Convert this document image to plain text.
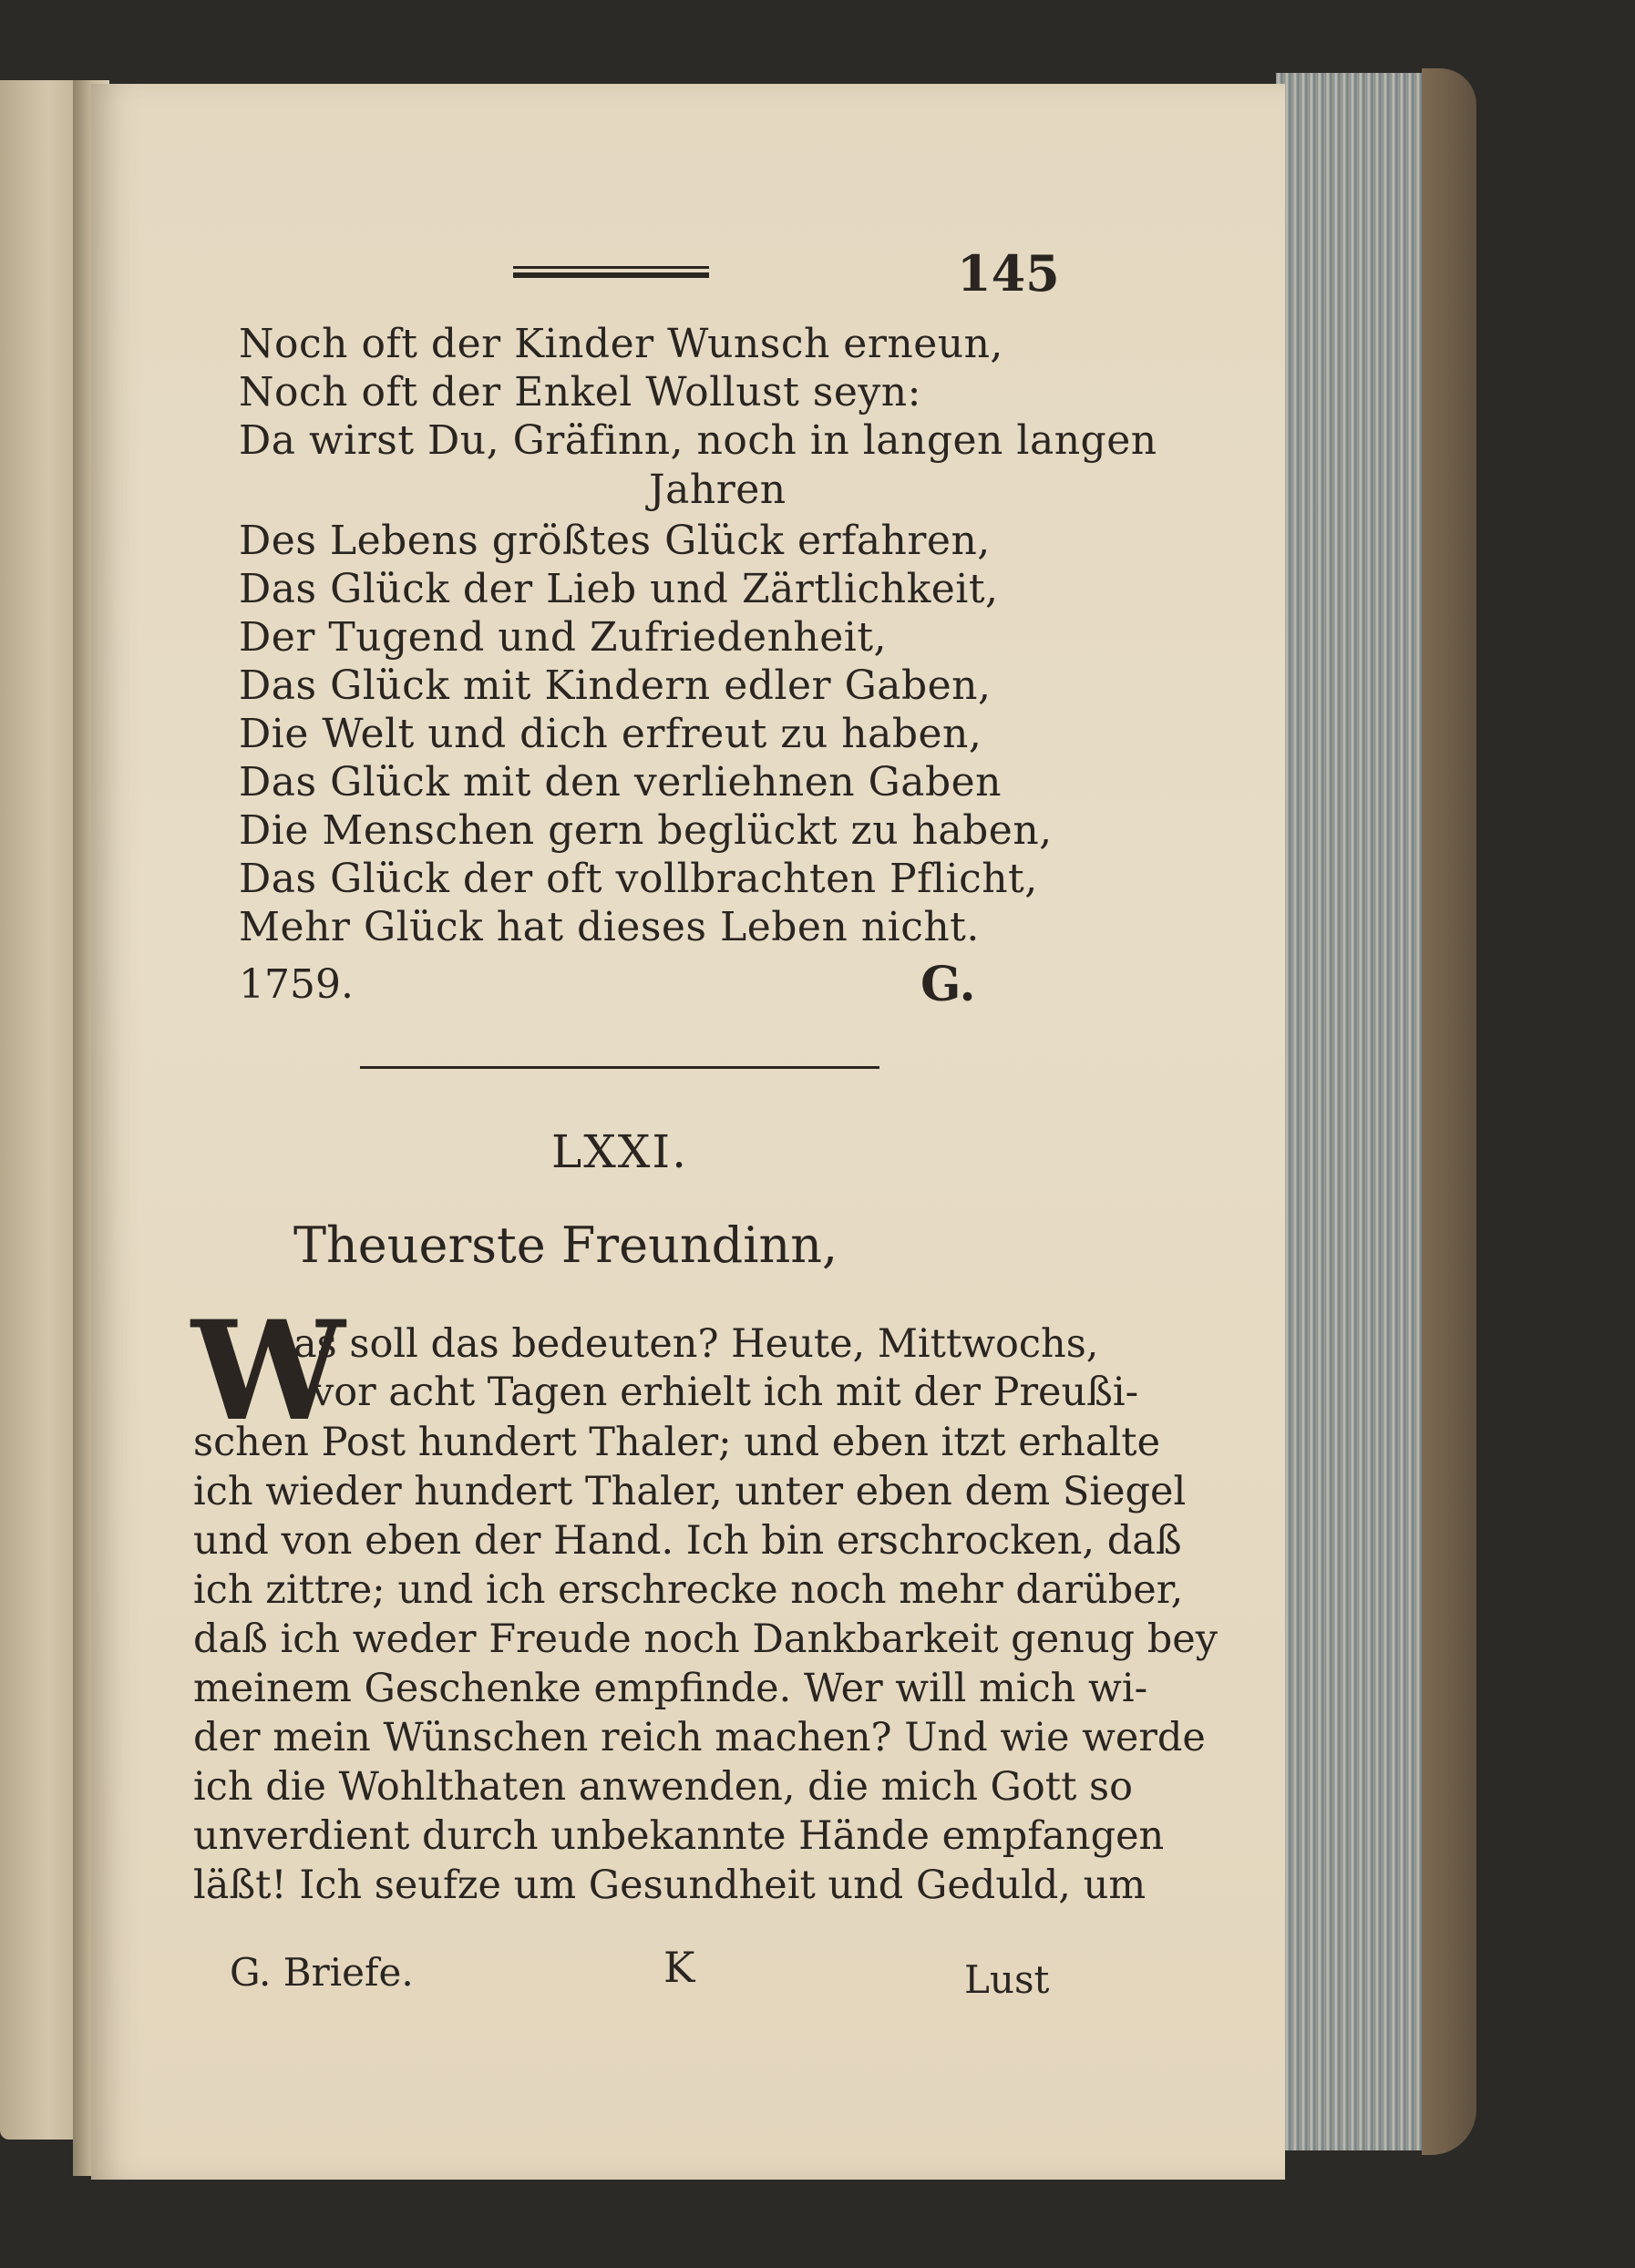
145
Noch oft der Kinder Wunsch erneun,
Noch oft der Enkel Wollust seyn:
Da wirst Du, Gräfinn, noch in langen langen
Jahren
Des Lebens größtes Glück erfahren,
Das Glück der Lieb und Zärtlichkeit,
Der Tugend und Zufriedenheit,
Das Glück mit Kindern edler Gaben,
Die Welt und dich erfreut zu haben,
Das Glück mit den verliehnen Gaben
Die Menschen gern beglückt zu haben,
Das Glück der oft vollbrachten Pflicht,
Mehr Glück hat dieses Leben nicht.
1759.	G.
LXXI.
Theuerste Freundinn,
W
as soll das bedeuten? Heute, Mittwochs,
vor acht Tagen erhielt ich mit der Preußi-
schen Post hundert Thaler; und eben itzt erhalte
ich wieder hundert Thaler, unter eben dem Siegel
und von eben der Hand. Ich bin erschrocken, daß
ich zittre; und ich erschrecke noch mehr darüber,
daß ich weder Freude noch Dankbarkeit genug bey
meinem Geschenke empfinde. Wer will mich wi-
der mein Wünschen reich machen? Und wie werde
ich die Wohlthaten anwenden, die mich Gott so
unverdient durch unbekannte Hände empfangen
läßt! Ich seufze um Gesundheit und Geduld, um
G. Briefe.	K	Lust
